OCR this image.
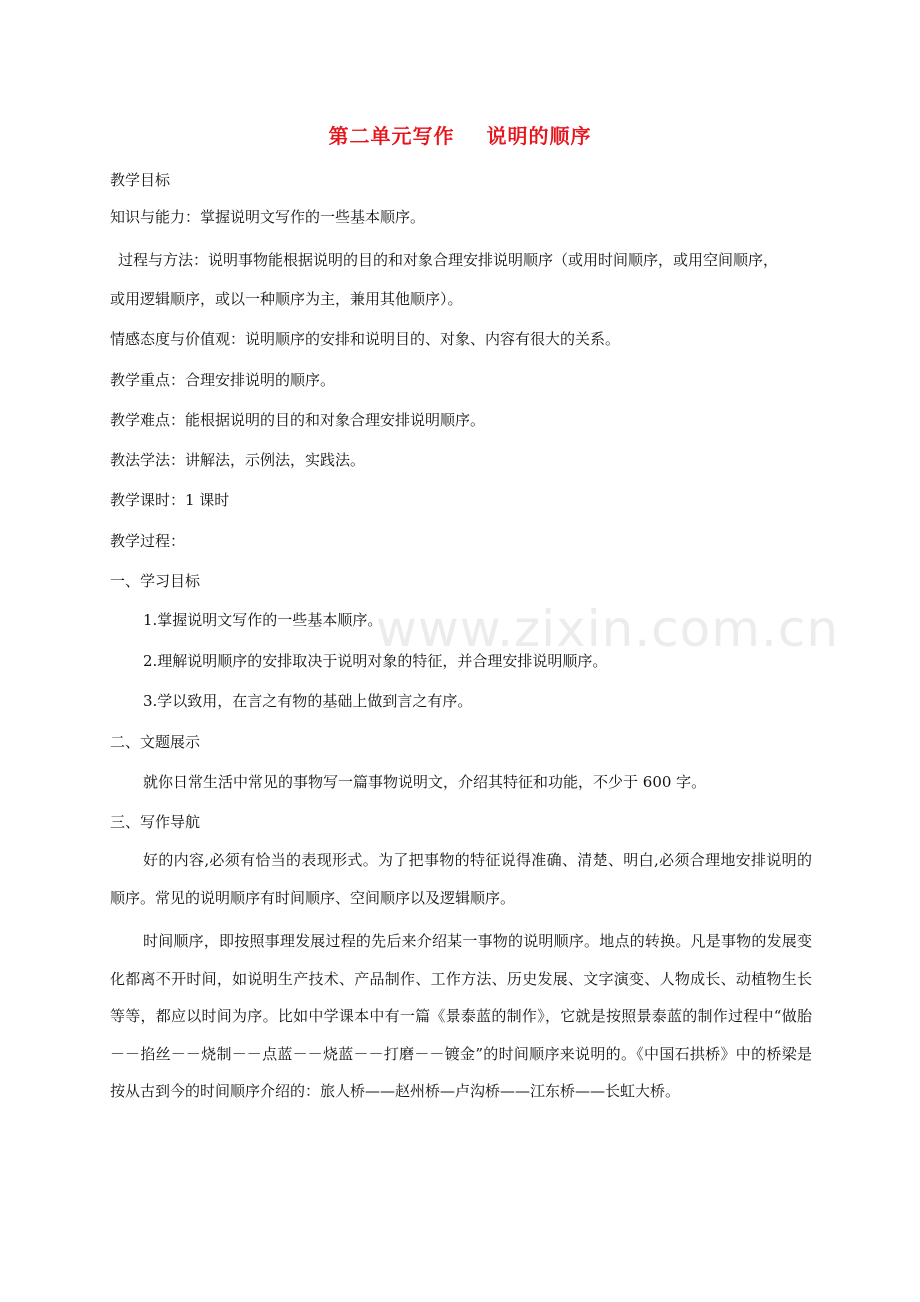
第二单元写作 说明的顺序
教学目标
知识与能力：掌握说明文写作的一些基本顺序。
过程与方法：说明事物能根据说明的目的和对象合理安排说明顺序（或用时间顺序，或用空间顺序，
或用逻辑顺序，或以一种顺序为主，兼用其他顺序）。
情感态度与价值观：说明顺序的安排和说明目的、对象、内容有很大的关系。
教学重点：合理安排说明的顺序。
教学难点：能根据说明的目的和对象合理安排说明顺序。
教法学法：讲解法，示例法，实践法。
教学课时：1 课时
教学过程：
一、学习目标
1.掌握说明文写作的一些基本顺序。
2.理解说明顺序的安排取决于说明对象的特征，并合理安排说明顺序。
3.学以致用，在言之有物的基础上做到言之有序。
二、文题展示
就你日常生活中常见的事物写一篇事物说明文，介绍其特征和功能，不少于 600 字。
三、写作导航

好的内容,必须有恰当的表现形式。为了把事物的特征说得准确、清楚、明白,必须合理地安排说明的顺序。常见的说明顺序有时间顺序、空间顺序以及逻辑顺序。

时间顺序，即按照事理发展过程的先后来介绍某一事物的说明顺序。地点的转换。凡是事物的发展变化都离不开时间，如说明生产技术、产品制作、工作方法、历史发展、文字演变、人物成长、动植物生长等等，都应以时间为序。比如中学课本中有一篇《景泰蓝的制作》，它就是按照景泰蓝的制作过程中“做胎－－掐丝－－烧制－－点蓝－－烧蓝－－打磨－－镀金”的时间顺序来说明的。《中国石拱桥》中的桥梁是按从古到今的时间顺序介绍的：旅人桥——赵州桥—卢沟桥——江东桥——长虹大桥。

www.zixin.com.cn
